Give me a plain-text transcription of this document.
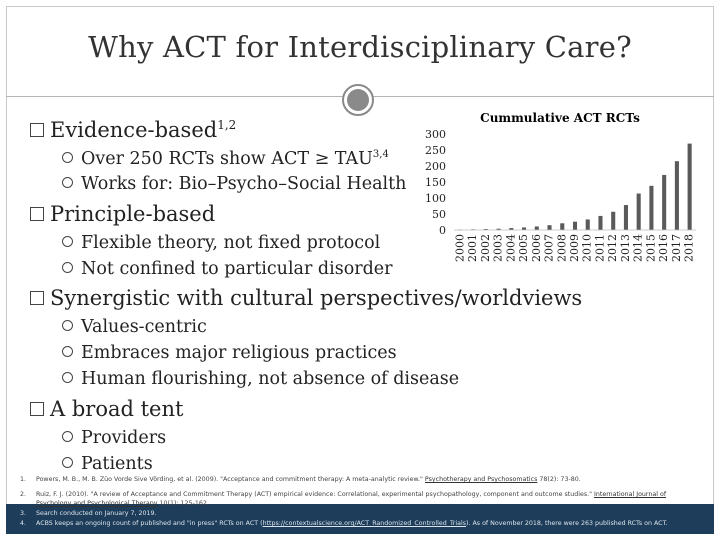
Why ACT for Interdisciplinary Care?
Evidence-based$^{1,2}$
Over 250 RCTs show ACT ≥ TAU$^{3,4}$
Works for: Bio–Psycho–Social Health
Principle-based
Flexible theory, not fixed protocol
Not confined to particular disorder
Synergistic with cultural perspectives/worldviews
Values-centric
Embraces major religious practices
Human flourishing, not absence of disease
A broad tent
Providers
Patients
Cummulative ACT RCTs
0
50
100
150
200
250
300
2000 2001 2002 2003 2004 2005 2006 2007 2008 2009 2010 2011 2012 2013 2014 2015 2016 2017 2018
1. Powers, M. B., M. B. Züo Vorde Sive Vörding, et al. (2009). "Acceptance and commitment therapy: A meta-analytic review." Psychotherapy and Psychosomatics 78(2): 73-80.
2. Ruiz, F. J. (2010). "A review of Acceptance and Commitment Therapy (ACT) empirical evidence: Correlational, experimental psychopathology, component and outcome studies." International Journal of
Psychology and Psychological Therapy 10(1): 125-162.
3. Search conducted on January 7, 2019.
4. ACBS keeps an ongoing count of published and "in press" RCTs on ACT (https://contextualscience.org/ACT_Randomized_Controlled_Trials). As of November 2018, there were 263 published RCTs on ACT.
